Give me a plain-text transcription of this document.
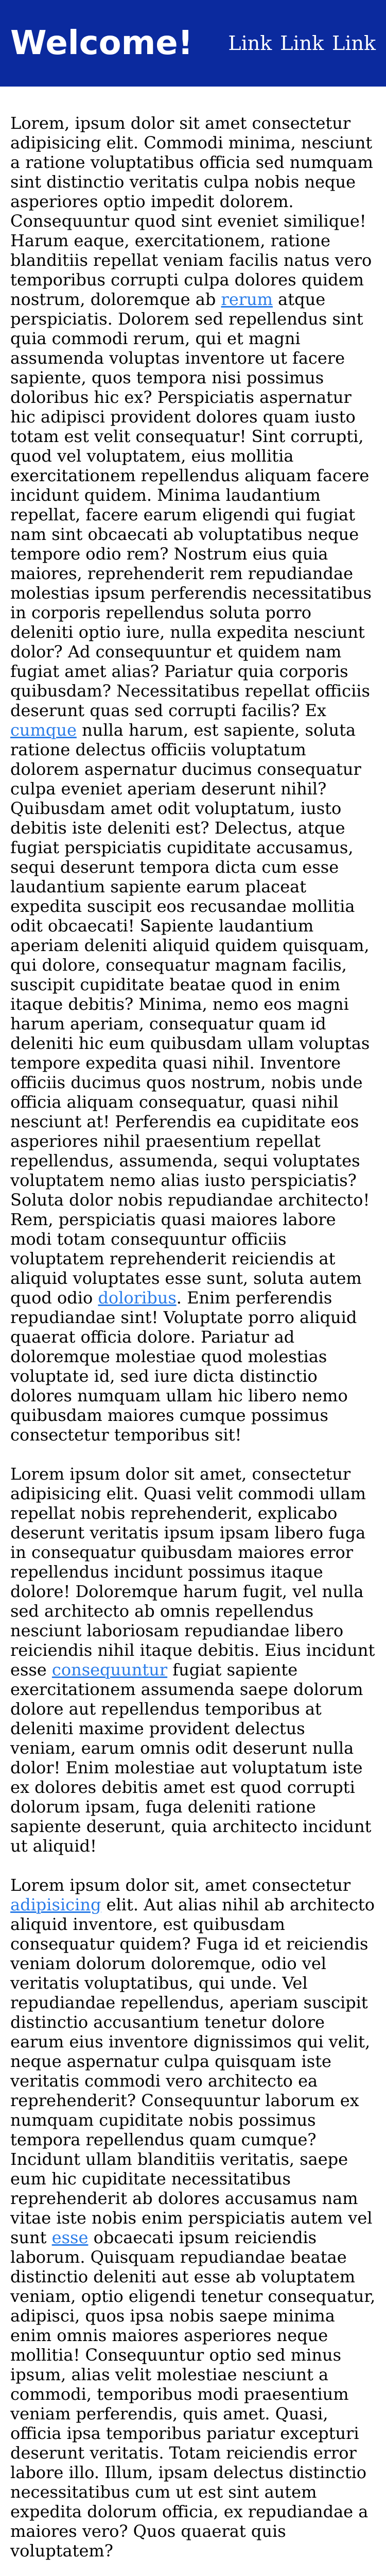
Welcome! Link Link Link

Lorem, ipsum dolor sit amet consectetur adipisicing elit. Commodi minima, nesciunt a ratione voluptatibus officia sed numquam sint distinctio veritatis culpa nobis neque asperiores optio impedit dolorem. Consequuntur quod sint eveniet similique! Harum eaque, exercitationem, ratione blanditiis repellat veniam facilis natus vero temporibus corrupti culpa dolores quidem nostrum, doloremque ab rerum atque perspiciatis. Dolorem sed repellendus sint quia commodi rerum, qui et magni assumenda voluptas inventore ut facere sapiente, quos tempora nisi possimus doloribus hic ex? Perspiciatis aspernatur hic adipisci provident dolores quam iusto totam est velit consequatur! Sint corrupti, quod vel voluptatem, eius mollitia exercitationem repellendus aliquam facere incidunt quidem. Minima laudantium repellat, facere earum eligendi qui fugiat nam sint obcaecati ab voluptatibus neque tempore odio rem? Nostrum eius quia maiores, reprehenderit rem repudiandae molestias ipsum perferendis necessitatibus in corporis repellendus soluta porro deleniti optio iure, nulla expedita nesciunt dolor? Ad consequuntur et quidem nam fugiat amet alias? Pariatur quia corporis quibusdam? Necessitatibus repellat officiis deserunt quas sed corrupti facilis? Ex cumque nulla harum, est sapiente, soluta ratione delectus officiis voluptatum dolorem aspernatur ducimus consequatur culpa eveniet aperiam deserunt nihil? Quibusdam amet odit voluptatum, iusto debitis iste deleniti est? Delectus, atque fugiat perspiciatis cupiditate accusamus, sequi deserunt tempora dicta cum esse laudantium sapiente earum placeat expedita suscipit eos recusandae mollitia odit obcaecati! Sapiente laudantium aperiam deleniti aliquid quidem quisquam, qui dolore, consequatur magnam facilis, suscipit cupiditate beatae quod in enim itaque debitis? Minima, nemo eos magni harum aperiam, consequatur quam id deleniti hic eum quibusdam ullam voluptas tempore expedita quasi nihil. Inventore officiis ducimus quos nostrum, nobis unde officia aliquam consequatur, quasi nihil nesciunt at! Perferendis ea cupiditate eos asperiores nihil praesentium repellat repellendus, assumenda, sequi voluptates voluptatem nemo alias iusto perspiciatis? Soluta dolor nobis repudiandae architecto! Rem, perspiciatis quasi maiores labore modi totam consequuntur officiis voluptatem reprehenderit reiciendis at aliquid voluptates esse sunt, soluta autem quod odio doloribus. Enim perferendis repudiandae sint! Voluptate porro aliquid quaerat officia dolore. Pariatur ad doloremque molestiae quod molestias voluptate id, sed iure dicta distinctio dolores numquam ullam hic libero nemo quibusdam maiores cumque possimus consectetur temporibus sit!

Lorem ipsum dolor sit amet, consectetur adipisicing elit. Quasi velit commodi ullam repellat nobis reprehenderit, explicabo deserunt veritatis ipsum ipsam libero fuga in consequatur quibusdam maiores error repellendus incidunt possimus itaque dolore! Doloremque harum fugit, vel nulla sed architecto ab omnis repellendus nesciunt laboriosam repudiandae libero reiciendis nihil itaque debitis. Eius incidunt esse consequuntur fugiat sapiente exercitationem assumenda saepe dolorum dolore aut repellendus temporibus at deleniti maxime provident delectus veniam, earum omnis odit deserunt nulla dolor! Enim molestiae aut voluptatum iste ex dolores debitis amet est quod corrupti dolorum ipsam, fuga deleniti ratione sapiente deserunt, quia architecto incidunt ut aliquid!

Lorem ipsum dolor sit, amet consectetur adipisicing elit. Aut alias nihil ab architecto aliquid inventore, est quibusdam consequatur quidem? Fuga id et reiciendis veniam dolorum doloremque, odio vel veritatis voluptatibus, qui unde. Vel repudiandae repellendus, aperiam suscipit distinctio accusantium tenetur dolore earum eius inventore dignissimos qui velit, neque aspernatur culpa quisquam iste veritatis commodi vero architecto ea reprehenderit? Consequuntur laborum ex numquam cupiditate nobis possimus tempora repellendus quam cumque? Incidunt ullam blanditiis veritatis, saepe eum hic cupiditate necessitatibus reprehenderit ab dolores accusamus nam vitae iste nobis enim perspiciatis autem vel sunt esse obcaecati ipsum reiciendis laborum. Quisquam repudiandae beatae distinctio deleniti aut esse ab voluptatem veniam, optio eligendi tenetur consequatur, adipisci, quos ipsa nobis saepe minima enim omnis maiores asperiores neque mollitia! Consequuntur optio sed minus ipsum, alias velit molestiae nesciunt a commodi, temporibus modi praesentium veniam perferendis, quis amet. Quasi, officia ipsa temporibus pariatur excepturi deserunt veritatis. Totam reiciendis error labore illo. Illum, ipsam delectus distinctio necessitatibus cum ut est sint autem expedita dolorum officia, ex repudiandae a maiores vero? Quos quaerat quis voluptatem?
